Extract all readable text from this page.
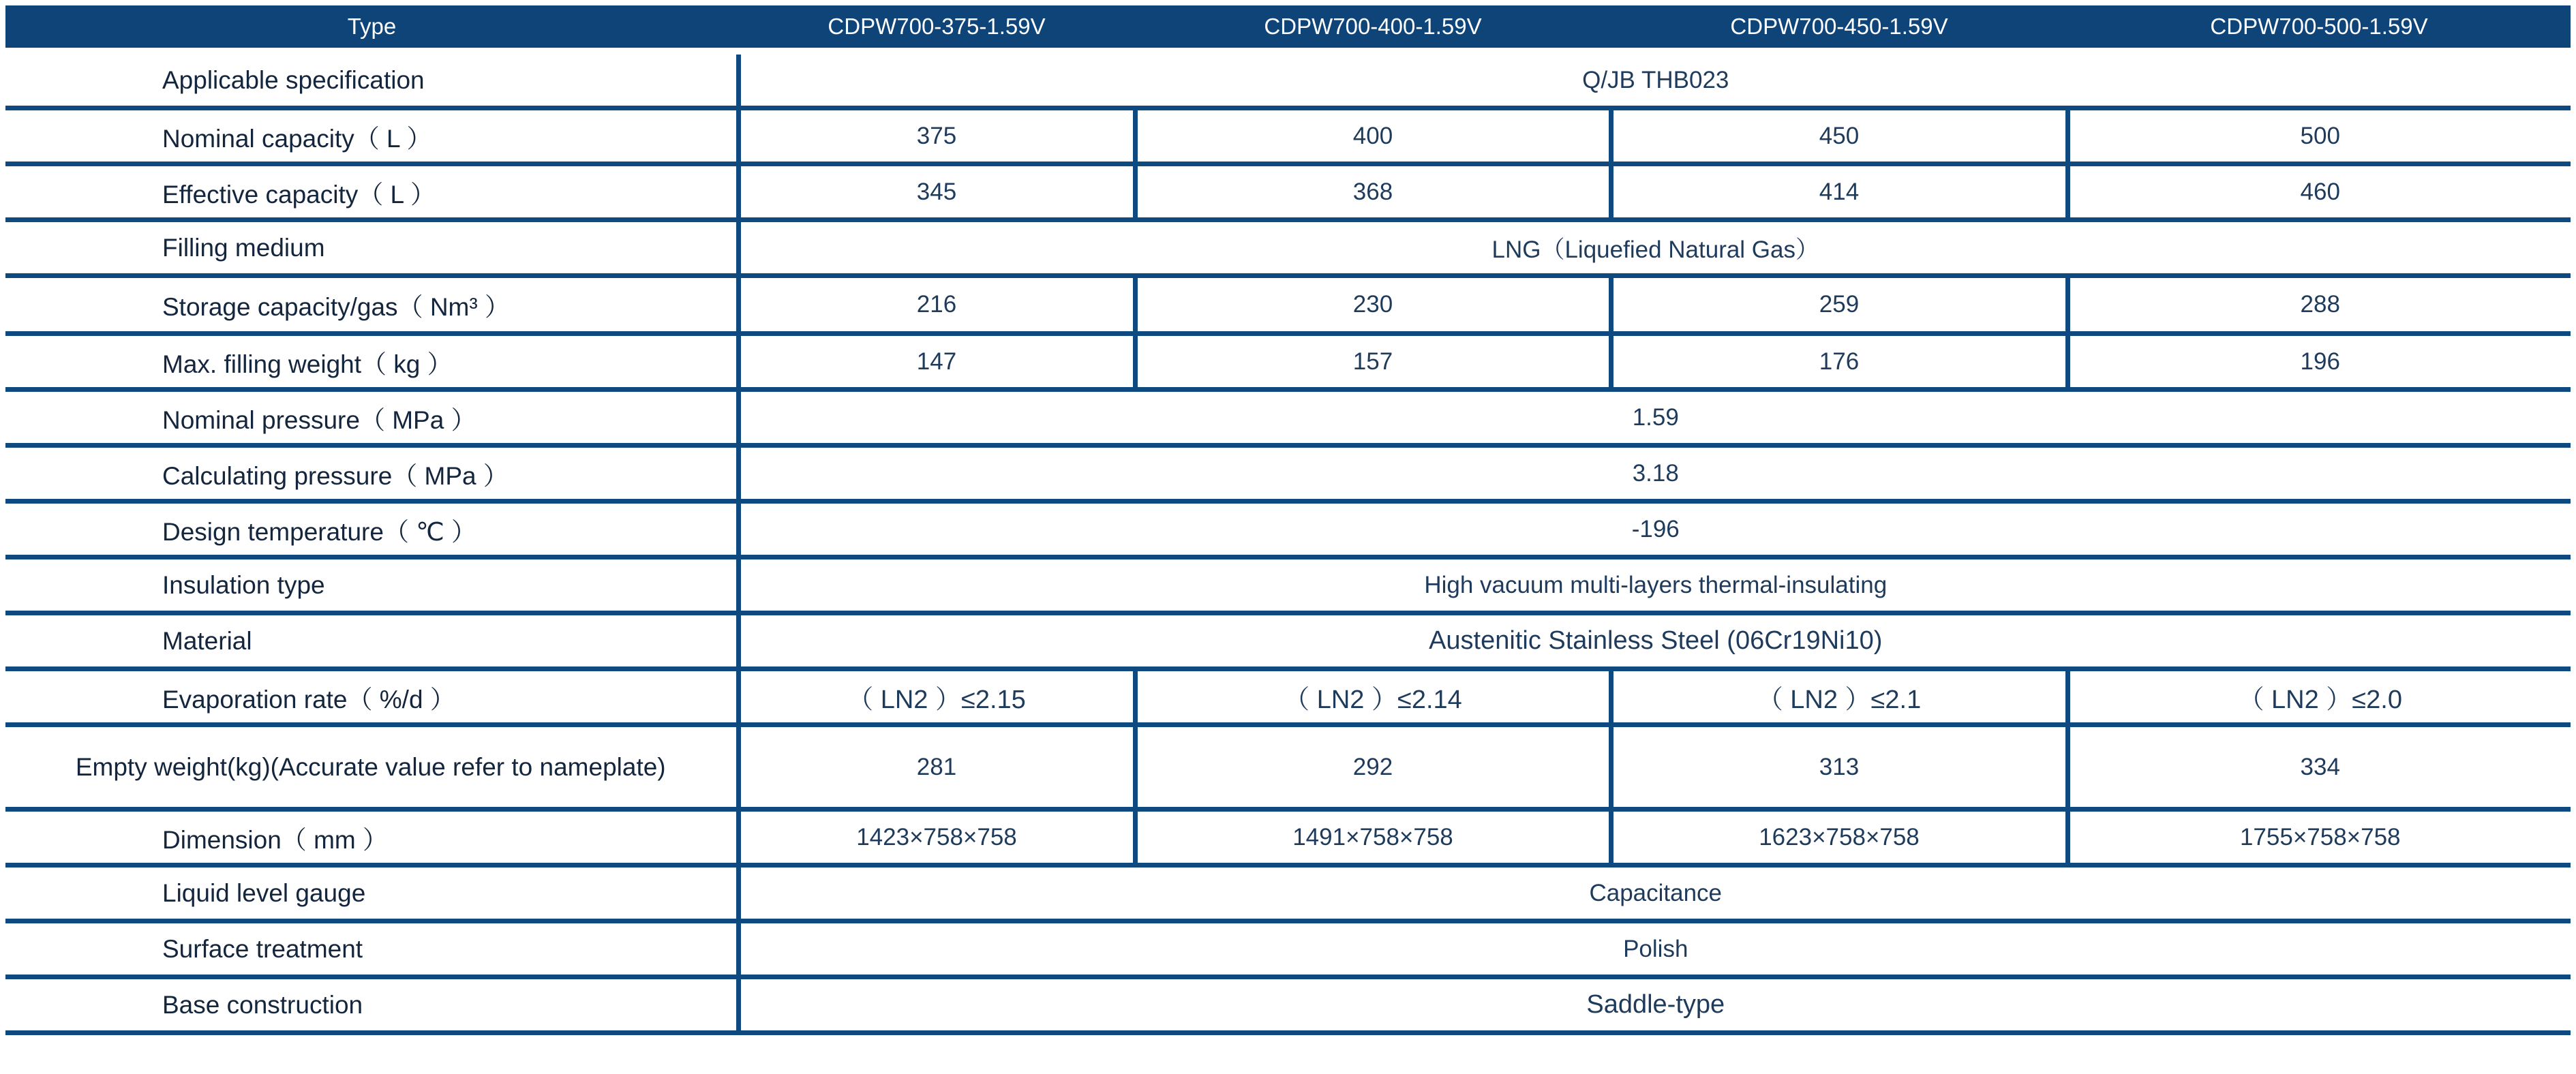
Type	CDPW700-375-1.59V	CDPW700-400-1.59V	CDPW700-450-1.59V	CDPW700-500-1.59V
Applicable specification	Q/JB THB023			
Nominal capacity（ L ）	375	400	450	500
Effective capacity（ L ）	345	368	414	460
Filling medium	LNG（Liquefied Natural Gas）			
Storage capacity/gas（ Nm³ ）	216	230	259	288
Max. filling weight（ kg ）	147	157	176	196
Nominal pressure（ MPa ）	1.59			
Calculating pressure（ MPa ）	3.18			
Design temperature（ ℃ ）	-196			
Insulation type	High vacuum multi-layers thermal-insulating			
Material	Austenitic Stainless Steel (06Cr19Ni10)			
Evaporation rate（ %/d ）	（ LN2 ）≤2.15	（ LN2 ）≤2.14	（ LN2 ）≤2.1	（ LN2 ）≤2.0
Empty weight(kg)(Accurate value refer to nameplate)	281	292	313	334
Dimension（ mm ）	1423×758×758	1491×758×758	1623×758×758	1755×758×758
Liquid level gauge	Capacitance			
Surface treatment	Polish			
Base construction	Saddle-type			
